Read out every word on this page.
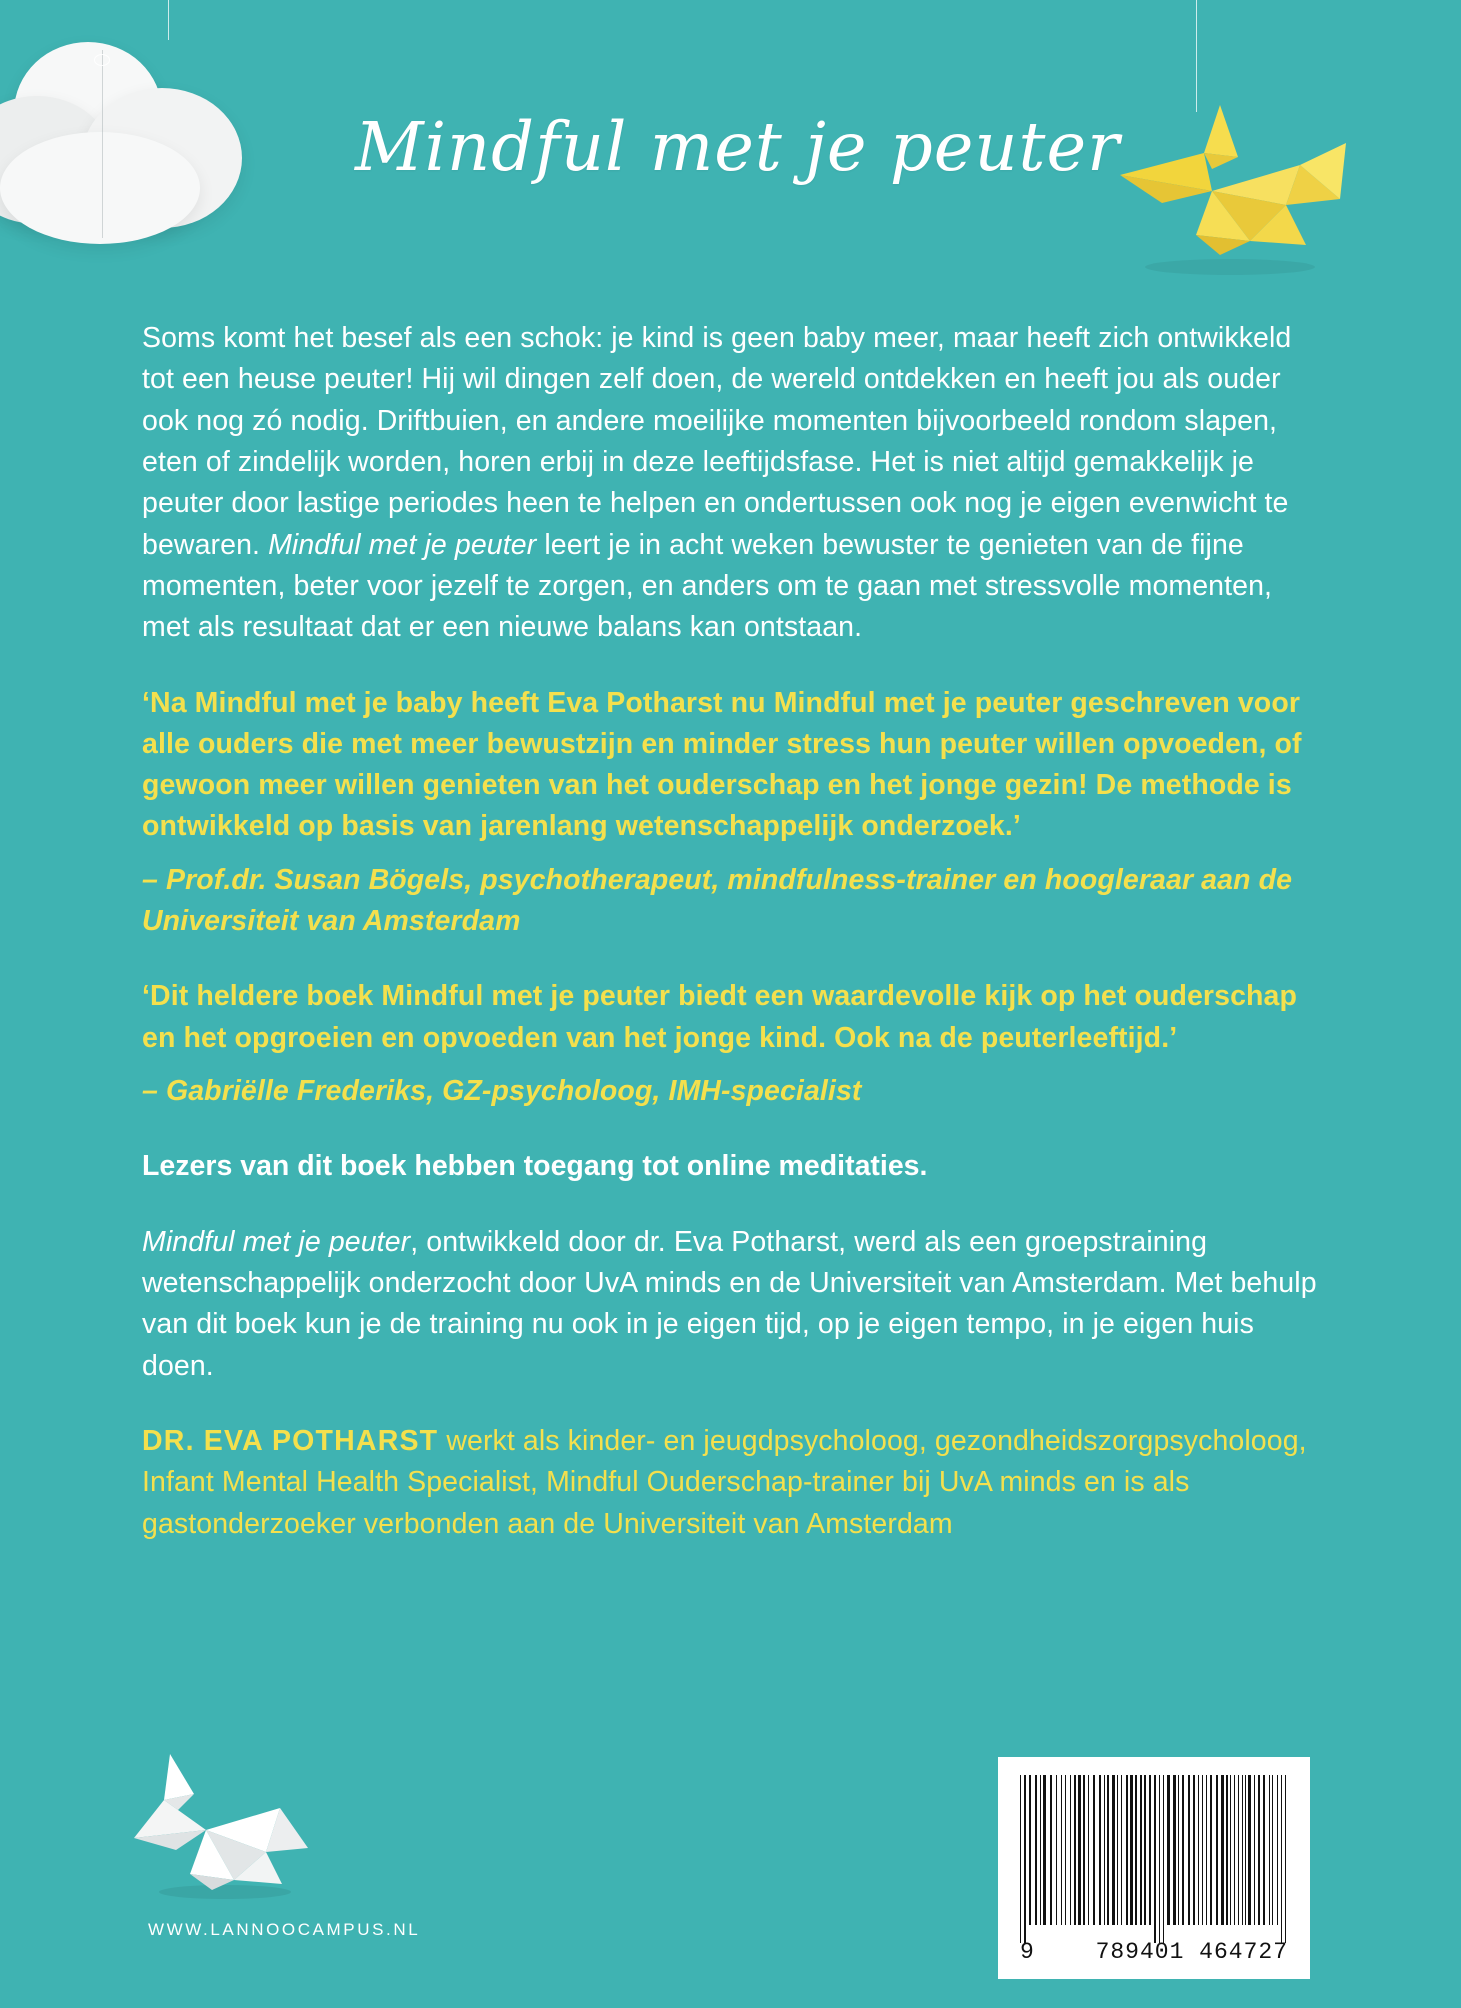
Mindful met je peuter

Soms komt het besef als een schok: je kind is geen baby meer, maar heeft zich ontwikkeld tot een heuse peuter! Hij wil dingen zelf doen, de wereld ontdekken en heeft jou als ouder ook nog zó nodig. Driftbuien, en andere moeilijke momenten bijvoorbeeld rondom slapen, eten of zindelijk worden, horen erbij in deze leeftijdsfase. Het is niet altijd gemakkelijk je peuter door lastige periodes heen te helpen en ondertussen ook nog je eigen evenwicht te bewaren. Mindful met je peuter leert je in acht weken bewuster te genieten van de fijne momenten, beter voor jezelf te zorgen, en anders om te gaan met stressvolle momenten, met als resultaat dat er een nieuwe balans kan ontstaan.

‘Na Mindful met je baby heeft Eva Potharst nu Mindful met je peuter geschreven voor alle ouders die met meer bewustzijn en minder stress hun peuter willen opvoeden, of gewoon meer willen genieten van het ouderschap en het jonge gezin! De methode is ontwikkeld op basis van jarenlang wetenschappelijk onderzoek.’

– Prof.dr. Susan Bögels, psychotherapeut, mindfulness-trainer en hoogleraar aan de Universiteit van Amsterdam

‘Dit heldere boek Mindful met je peuter biedt een waardevolle kijk op het ouderschap en het opgroeien en opvoeden van het jonge kind. Ook na de peuterleeftijd.’

– Gabriëlle Frederiks, GZ-psycholoog, IMH-specialist

Lezers van dit boek hebben toegang tot online meditaties.

Mindful met je peuter, ontwikkeld door dr. Eva Potharst, werd als een groepstraining wetenschappelijk onderzocht door UvA minds en de Universiteit van Amsterdam. Met behulp van dit boek kun je de training nu ook in je eigen tijd, op je eigen tempo, in je eigen huis doen.

DR. EVA POTHARST werkt als kinder- en jeugdpsycholoog, gezondheidszorgpsycholoog, Infant Mental Health Specialist, Mindful Ouderschap-trainer bij UvA minds en is als gastonderzoeker verbonden aan de Universiteit van Amsterdam

WWW.LANNOOCAMPUS.NL
9	789401 464727
